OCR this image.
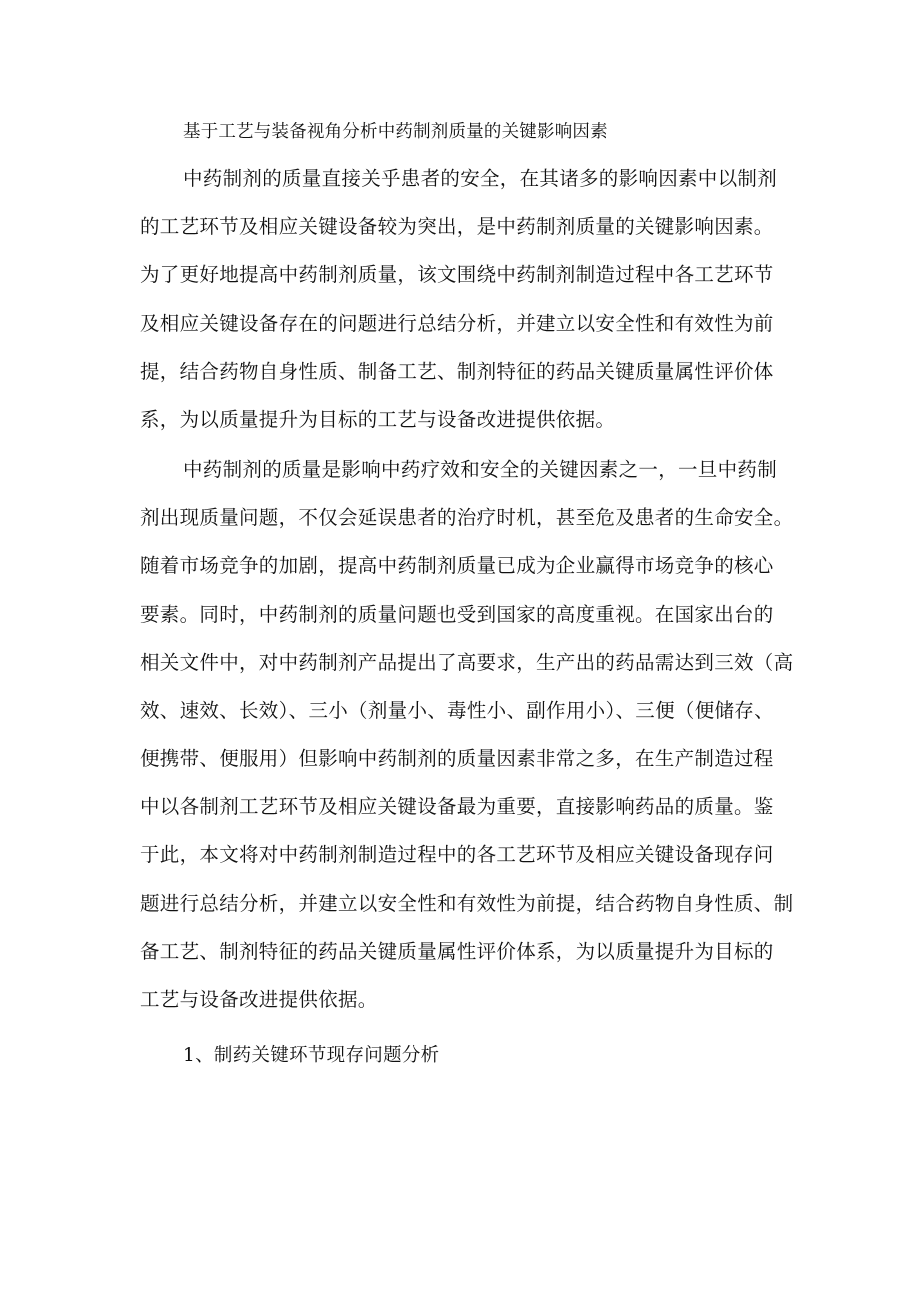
基于工艺与装备视角分析中药制剂质量的关键影响因素
中药制剂的质量直接关乎患者的安全，在其诸多的影响因素中以制剂
的工艺环节及相应关键设备较为突出，是中药制剂质量的关键影响因素。
为了更好地提高中药制剂质量，该文围绕中药制剂制造过程中各工艺环节
及相应关键设备存在的问题进行总结分析，并建立以安全性和有效性为前
提，结合药物自身性质、制备工艺、制剂特征的药品关键质量属性评价体
系，为以质量提升为目标的工艺与设备改进提供依据。
中药制剂的质量是影响中药疗效和安全的关键因素之一，一旦中药制
剂出现质量问题，不仅会延误患者的治疗时机，甚至危及患者的生命安全。
随着市场竞争的加剧，提高中药制剂质量已成为企业赢得市场竞争的核心
要素。同时，中药制剂的质量问题也受到国家的高度重视。在国家出台的
相关文件中，对中药制剂产品提出了高要求，生产出的药品需达到三效（高
效、速效、长效）、三小（剂量小、毒性小、副作用小）、三便（便储存、
便携带、便服用）但影响中药制剂的质量因素非常之多，在生产制造过程
中以各制剂工艺环节及相应关键设备最为重要，直接影响药品的质量。鉴
于此，本文将对中药制剂制造过程中的各工艺环节及相应关键设备现存问
题进行总结分析，并建立以安全性和有效性为前提，结合药物自身性质、制
备工艺、制剂特征的药品关键质量属性评价体系，为以质量提升为目标的
工艺与设备改进提供依据。
1、制药关键环节现存问题分析
